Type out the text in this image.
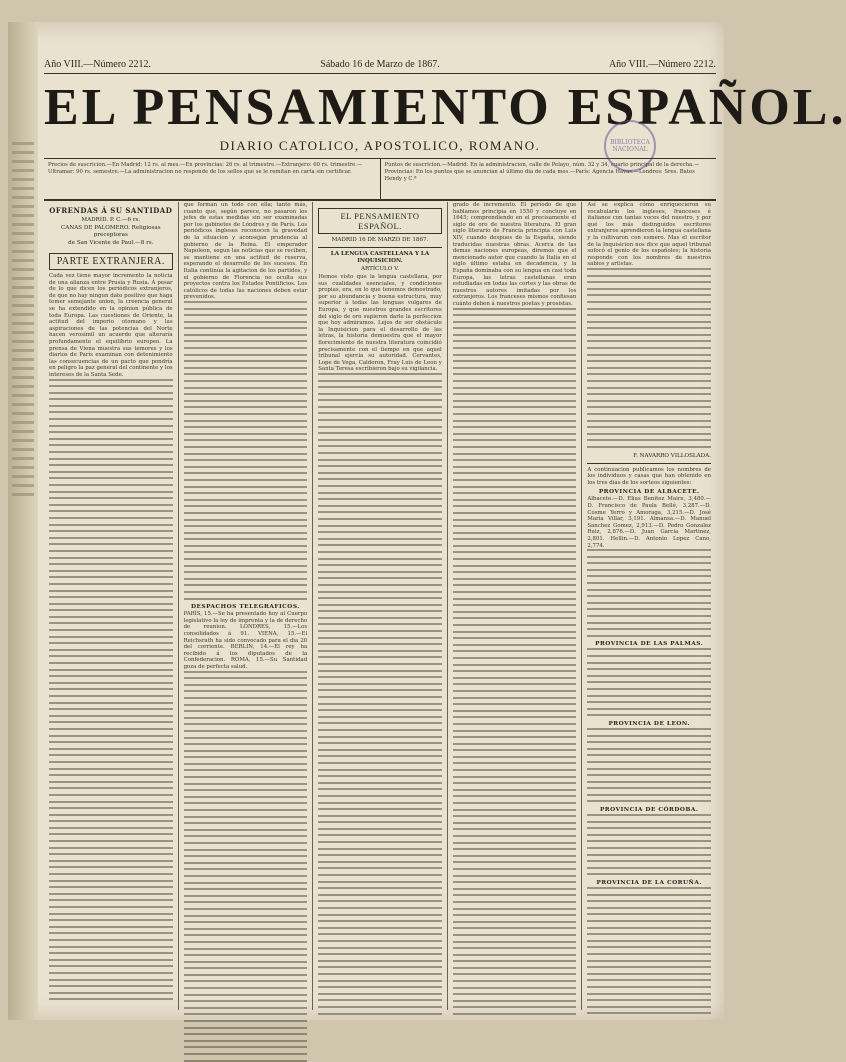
Año VIII.—Número 2212.	Sábado 16 de Marzo de 1867.	Año VIII.—Número 2212.
EL PENSAMIENTO ESPAÑOL.
DIARIO CATOLICO, APOSTOLICO, ROMANO.	BIBLIOTECA NACIONAL
Precios de suscricion.—En Madrid: 12 rs. al mes.—En provincias: 26 rs. al trimestre.—Extranjero: 60 rs. trimestre.—Ultramar: 90 rs. semestre.—La administracion no responde de los sellos que se le remitan en carta sin certificar.
Puntos de suscricion.—Madrid: En la administracion, calle de Pelayo, núm. 32 y 34, cuarto principal de la derecha.—Provincias: En los puntos que se anuncian al último dia de cada mes.—París: Agencia Havas.—Londres: Sres. Bates Hendy y C.ª
OFRENDAS Á SU SANTIDAD
MADRID. P. C.—6 rs.
CANAS DE PALOMERO. Religiosas preceptoras
de San Vicente de Paul.—8 rs.
PARTE EXTRANJERA.

Cada vez tiene mayor incremento la noticia de una alianza entre Prusia y Rusia. Á pesar de lo que dicen los periódicos extranjeros, de que no hay ningun dato positivo que haga temer semejante union, la creencia general se ha extendido en la opinion pública de toda Europa. Las cuestiones de Oriente, la actitud del imperio otomano y las aspiraciones de las potencias del Norte hacen verosímil un acuerdo que alteraría profundamente el equilibrio europeo. La prensa de Viena muestra sus temores y los diarios de París examinan con detenimiento las consecuencias de un pacto que pondría en peligro la paz general del continente y los intereses de la Santa Sede.

que forman un todo con ella; tanto más, cuanto que, según parece, no pasaron los jefes de estas medidas sin ser examinadas por los gabinetes de Lóndres y de París. Los periódicos ingleses reconocen la gravedad de la situacion y aconsejan prudencia al gobierno de la Reina. El emperador Napoleon, segun las noticias que se reciben, se mantiene en una actitud de reserva, esperando el desarrollo de los sucesos. En Italia continúa la agitacion de los partidos, y el gobierno de Florencia no oculta sus proyectos contra los Estados Pontificios. Los católicos de todas las naciones deben estar prevenidos.

DESPACHOS TELEGRAFICOS.

PARÍS, 15.—Se ha presentado hoy al Cuerpo legislativo la ley de imprenta y la de derecho de reunion. LÓNDRES, 15.—Los consolidados á 91. VIENA, 15.—El Reichsrath ha sido convocado para el dia 20 del corriente. BERLIN, 14.—El rey ha recibido á los diputados de la Confederacion. ROMA, 15.—Su Santidad goza de perfecta salud.

EL PENSAMIENTO ESPAÑOL.
MADRID 16 DE MARZO DE 1867.
LA LENGUA CASTELLANA Y LA INQUISICION.
ARTÍCULO V.

Hemos visto que la lengua castellana, por sus cualidades esenciales, y condiciones propias, era, en lo que tenemos demostrado, por su abundancia y buena estructura, muy superior á todas las lenguas vulgares de Europa, y que nuestros grandes escritores del siglo de oro supieron darle la perfeccion que hoy admiramos. Lejos de ser obstáculo la Inquisicion para el desarrollo de las letras, la historia demuestra que el mayor florecimiento de nuestra literatura coincidió precisamente con el tiempo en que aquel tribunal ejercia su autoridad. Cervantes, Lope de Vega, Calderon, Fray Luis de Leon y Santa Teresa escribieron bajo su vigilancia.

grado de incremento. El período de que hablamos principia en 1550 y concluye en 1645; comprendiendo en el precisamente el siglo de oro de nuestra literatura. El gran siglo literario de Francia principia con Luis XIV, cuando despues de la España, siendo traducidas nuestras obras. Acerca de las demas naciones europeas, diremos que el mencionado autor que cuando la Italia en el siglo último estaba en decadencia, y la España dominaba con su lengua en casi toda Europa, las letras castellanas eran estudiadas en todas las cortes y las obras de nuestros autores imitadas por los extranjeros. Los franceses mismos confiesan cuánto deben á nuestros poetas y prosistas.

Así se explica cómo enriquecieron su vocabulario los ingleses, franceses é italianos con tantas voces del nuestro, y por qué los más distinguidos escritores extranjeros aprendieron la lengua castellana y la cultivaron con esmero. Mas el escritor de la Inquisicion nos dice que aquel tribunal sofocó el genio de los españoles; la historia responde con los nombres de nuestros sabios y artistas.

F. NAVARRO VILLOSLADA.

A continuacion publicamos los nombres de los individuos y casas que han obtenido en los tres dias de los sorteos siguientes:

PROVINCIA DE ALBACETE.

Albacete.—D. Elias Benitez Maire, 3,480.—D. Francisco de Paula Bellé, 3,287.—D. Cosme Yerro y Amoraga, 3,215.—D. José Maria Villar, 3,191. Almansa.—D. Manuel Sanchez Gomez, 2,913.—D. Pedro Gonzalez Ruiz, 2,876.—D. Juan Garcia Martinez, 2,801. Hellin.—D. Antonio Lopez Cano, 2,774.

PROVINCIA DE LAS PALMAS.
PROVINCIA DE LEON.
PROVINCIA DE CÓRDOBA.
PROVINCIA DE LA CORUÑA.
